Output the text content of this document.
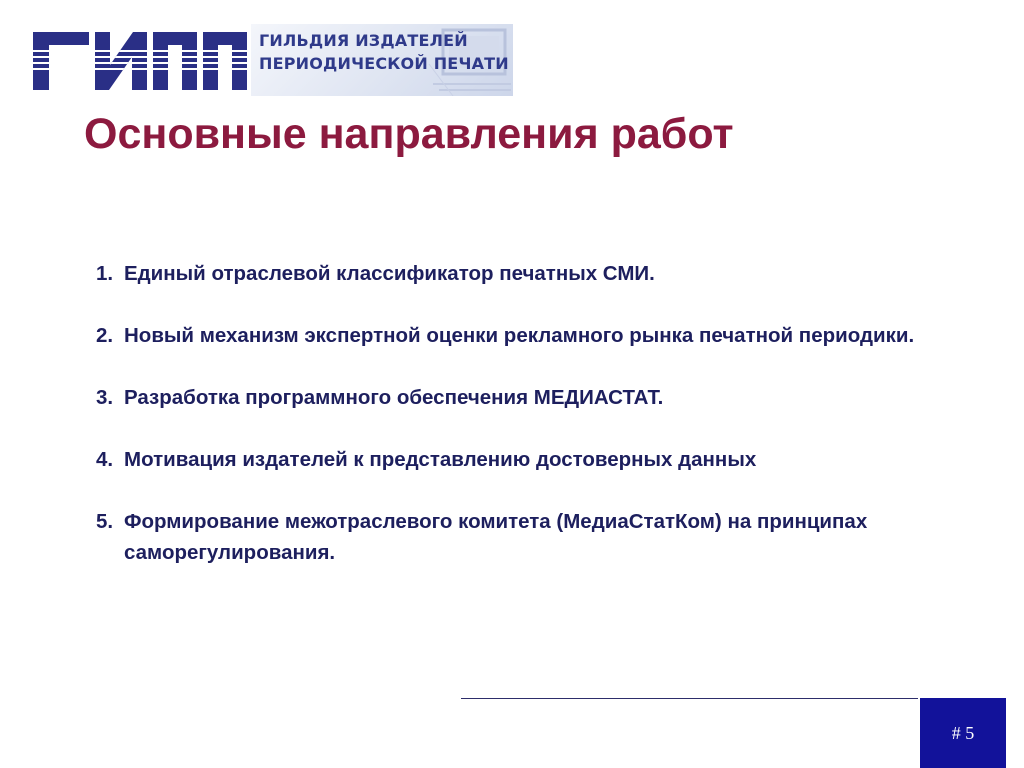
ГИЛЬДИЯ ИЗДАТЕЛЕЙ
ПЕРИОДИЧЕСКОЙ ПЕЧАТИ
Основные направления работ
1. Единый отраслевой классификатор печатных СМИ.
2. Новый механизм экспертной оценки рекламного рынка печатной периодики.
3. Разработка программного обеспечения МЕДИАСТАТ.
4. Мотивация издателей к представлению достоверных данных
5. Формирование межотраслевого комитета (МедиаСтатКом) на принципах саморегулирования.
# 5
